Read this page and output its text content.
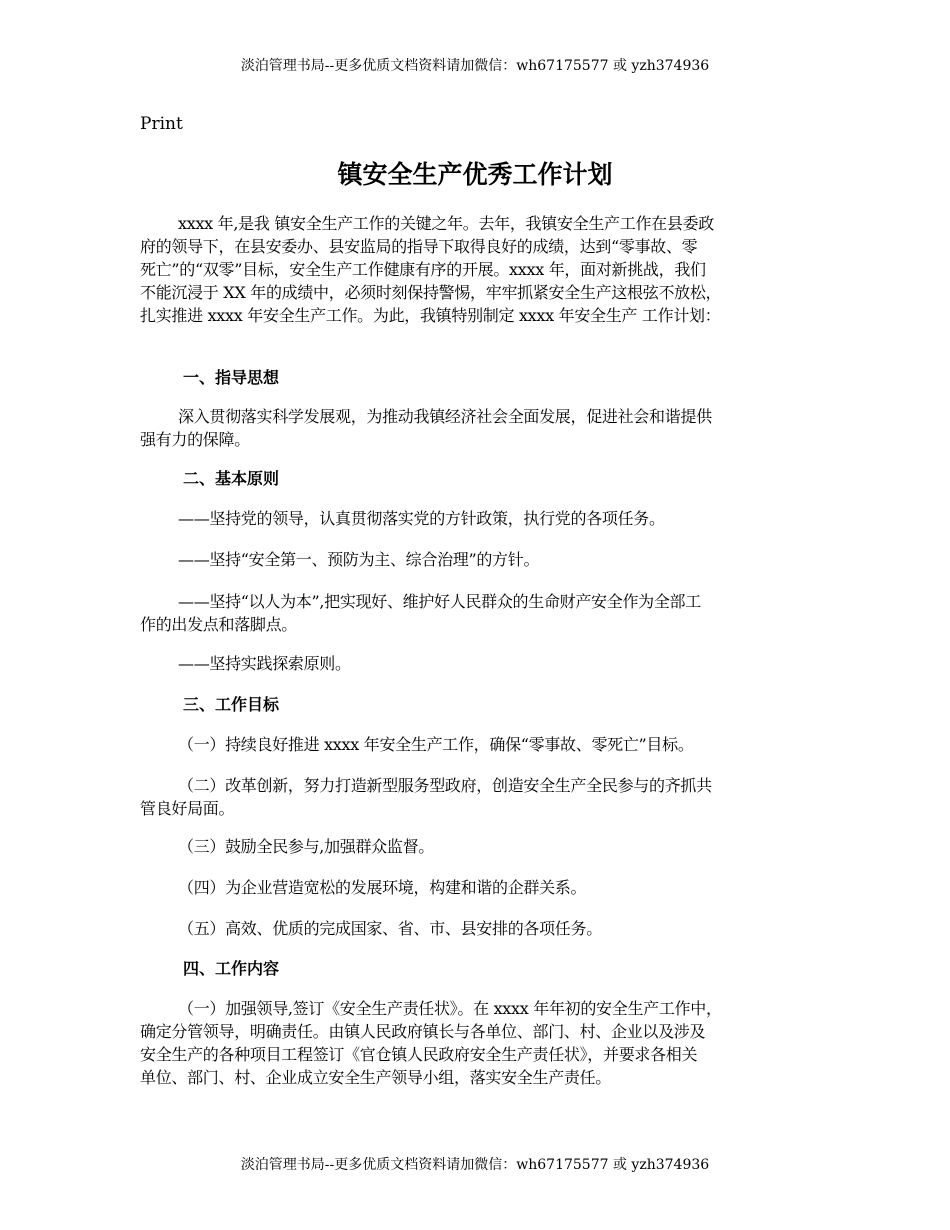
淡泊管理书局--更多优质文档资料请加微信：wh67175577 或 yzh374936
Print
镇安全生产优秀工作计划
xxxx 年,是我 镇安全生产工作的关键之年。去年，我镇安全生产工作在县委政
府的领导下，在县安委办、县安监局的指导下取得良好的成绩，达到“零事故、零
死亡”的“双零”目标，安全生产工作健康有序的开展。xxxx 年，面对新挑战，我们
不能沉浸于 XX 年的成绩中，必须时刻保持警惕，牢牢抓紧安全生产这根弦不放松，
扎实推进 xxxx 年安全生产工作。为此，我镇特别制定 xxxx 年安全生产 工作计划：
一、指导思想
深入贯彻落实科学发展观，为推动我镇经济社会全面发展，促进社会和谐提供
强有力的保障。
二、基本原则
——坚持党的领导，认真贯彻落实党的方针政策，执行党的各项任务。
——坚持“安全第一、预防为主、综合治理”的方针。
——坚持“以人为本”,把实现好、维护好人民群众的生命财产安全作为全部工
作的出发点和落脚点。
——坚持实践探索原则。
三、工作目标
（一）持续良好推进 xxxx 年安全生产工作，确保“零事故、零死亡”目标。
（二）改革创新，努力打造新型服务型政府，创造安全生产全民参与的齐抓共
管良好局面。
（三）鼓励全民参与,加强群众监督。
（四）为企业营造宽松的发展环境，构建和谐的企群关系。
（五）高效、优质的完成国家、省、市、县安排的各项任务。
四、工作内容
（一）加强领导,签订《安全生产责任状》。在 xxxx 年年初的安全生产工作中，
确定分管领导，明确责任。由镇人民政府镇长与各单位、部门、村、企业以及涉及
安全生产的各种项目工程签订《官仓镇人民政府安全生产责任状》，并要求各相关
单位、部门、村、企业成立安全生产领导小组，落实安全生产责任。
淡泊管理书局--更多优质文档资料请加微信：wh67175577 或 yzh374936
